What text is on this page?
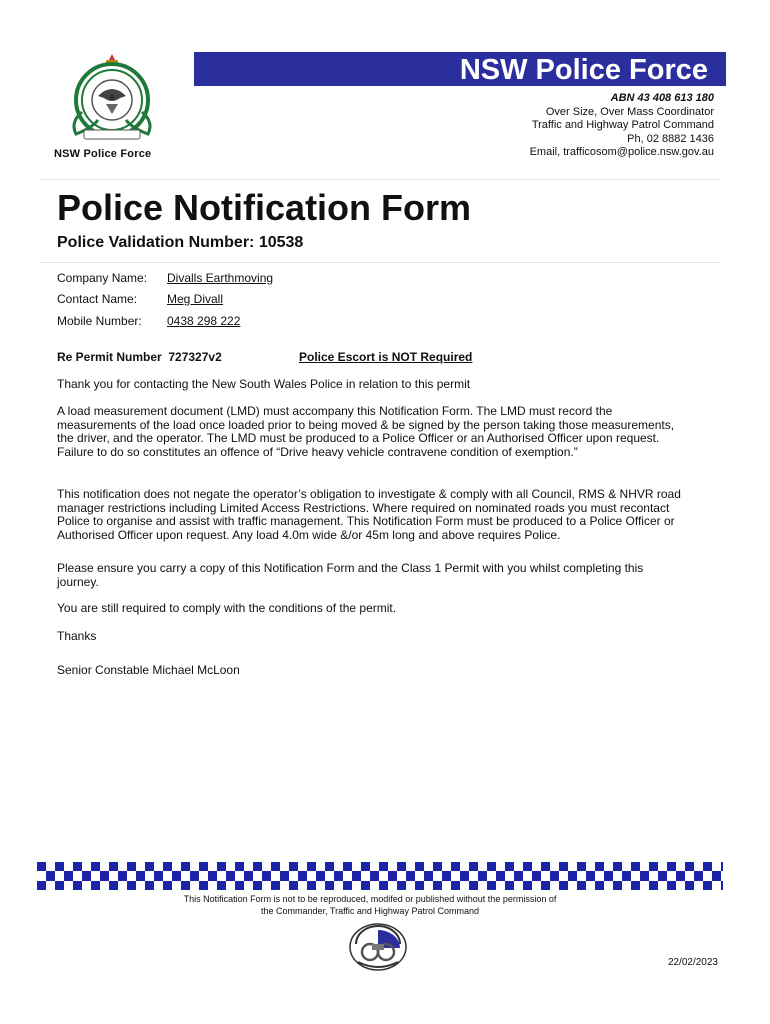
NSW Police Force
NSW Police Force
ABN 43 408 613 180
Over Size, Over Mass Coordinator
Traffic and Highway Patrol Command
Ph, 02 8882 1436
Email, trafficosom@police.nsw.gov.au
Police Notification Form
Police Validation Number: 10538
Company Name: Divalls Earthmoving
Contact Name: Meg Divall
Mobile Number: 0438 298 222
Re Permit Number  727327v2	Police Escort is NOT Required
Thank you for contacting the New South Wales Police in relation to this permit
A load measurement document (LMD) must accompany this Notification Form. The LMD must record the measurements of the load once loaded prior to being moved & be signed by the person taking those measurements, the driver, and the operator. The LMD must be produced to a Police Officer or an Authorised Officer upon request. Failure to do so constitutes an offence of “Drive heavy vehicle contravene condition of exemption.”
This notification does not negate the operator’s obligation to investigate & comply with all Council, RMS & NHVR road manager restrictions including Limited Access Restrictions. Where required on nominated roads you must recontact Police to organise and assist with traffic management. This Notification Form must be produced to a Police Officer or Authorised Officer upon request. Any load 4.0m wide &/or 45m long and above requires Police.
Please ensure you carry a copy of this Notification Form and the Class 1 Permit with you whilst completing this journey.
You are still required to comply with the conditions of the permit.
Thanks
Senior Constable Michael McLoon
This Notification Form is not to be reproduced, modifed or published without the permission of
the Commander, Traffic and Highway Patrol Command
22/02/2023
